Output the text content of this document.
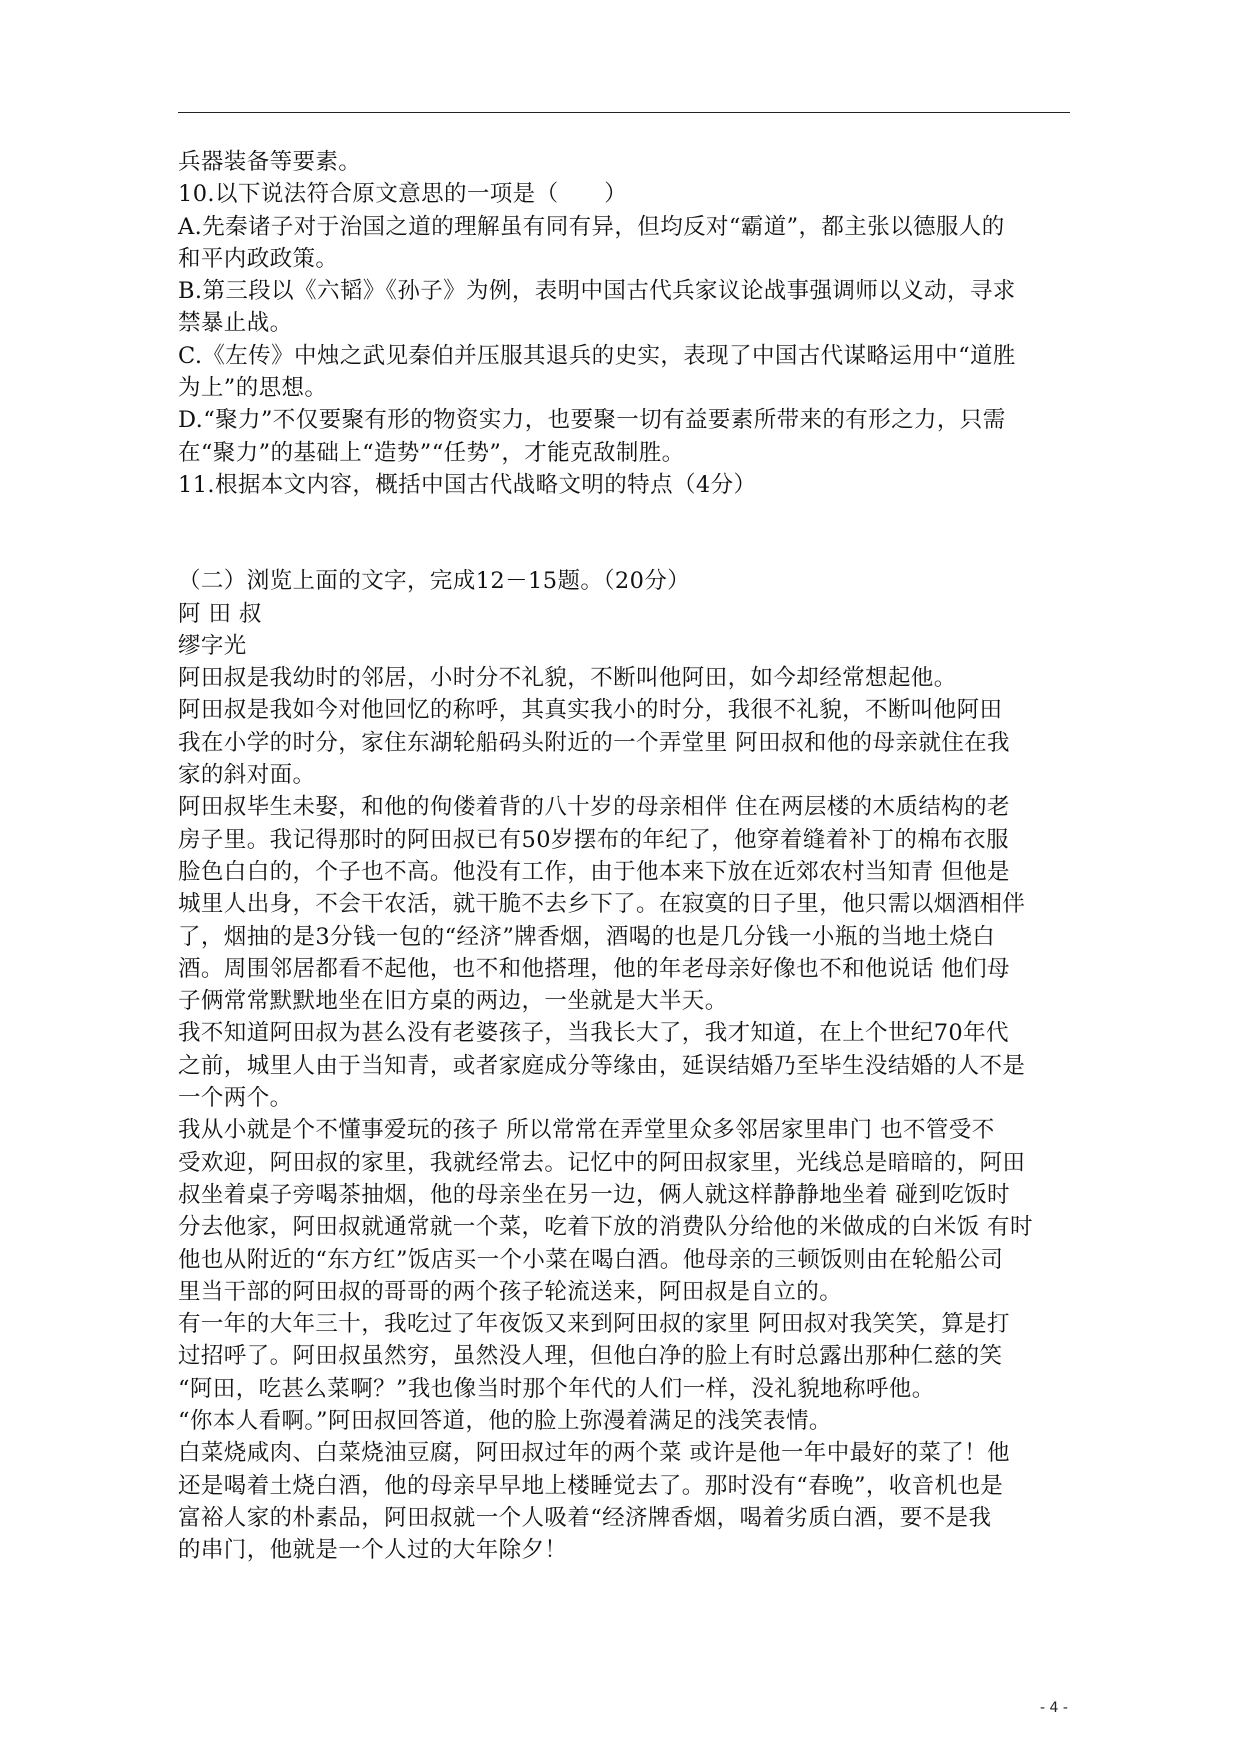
兵器装备等要素。
10.以下说法符合原文意思的一项是（　　）
A.先秦诸子对于治国之道的理解虽有同有异，但均反对“霸道”，都主张以德服人的
和平内政政策。
B.第三段以《六韬》《孙子》为例，表明中国古代兵家议论战事强调师以义动，寻求
禁暴止战。
C.《左传》中烛之武见秦伯并压服其退兵的史实，表现了中国古代谋略运用中“道胜
为上”的思想。
D.“聚力”不仅要聚有形的物资实力，也要聚一切有益要素所带来的有形之力，只需
在“聚力”的基础上“造势”“任势”，才能克敌制胜。
11.根据本文内容，概括中国古代战略文明的特点（4分）
（二）浏览上面的文字，完成12－15题。（20分）
阿 田 叔
缪字光
阿田叔是我幼时的邻居，小时分不礼貌，不断叫他阿田，如今却经常想起他。
阿田叔是我如今对他回忆的称呼，其真实我小的时分，我很不礼貌，不断叫他阿田
我在小学的时分，家住东湖轮船码头附近的一个弄堂里 阿田叔和他的母亲就住在我
家的斜对面。
阿田叔毕生未娶，和他的佝偻着背的八十岁的母亲相伴 住在两层楼的木质结构的老
房子里。我记得那时的阿田叔已有50岁摆布的年纪了，他穿着缝着补丁的棉布衣服
脸色白白的，个子也不高。他没有工作，由于他本来下放在近郊农村当知青 但他是
城里人出身，不会干农活，就干脆不去乡下了。在寂寞的日子里，他只需以烟酒相伴
了，烟抽的是3分钱一包的“经济”牌香烟，酒喝的也是几分钱一小瓶的当地土烧白
酒。周围邻居都看不起他，也不和他搭理，他的年老母亲好像也不和他说话 他们母
子俩常常默默地坐在旧方桌的两边，一坐就是大半天。
我不知道阿田叔为甚么没有老婆孩子，当我长大了，我才知道，在上个世纪70年代
之前，城里人由于当知青，或者家庭成分等缘由，延误结婚乃至毕生没结婚的人不是
一个两个。
我从小就是个不懂事爱玩的孩子 所以常常在弄堂里众多邻居家里串门 也不管受不
受欢迎，阿田叔的家里，我就经常去。记忆中的阿田叔家里，光线总是暗暗的，阿田
叔坐着桌子旁喝茶抽烟，他的母亲坐在另一边，俩人就这样静静地坐着 碰到吃饭时
分去他家，阿田叔就通常就一个菜，吃着下放的消费队分给他的米做成的白米饭 有时
他也从附近的“东方红”饭店买一个小菜在喝白酒。他母亲的三顿饭则由在轮船公司
里当干部的阿田叔的哥哥的两个孩子轮流送来，阿田叔是自立的。
有一年的大年三十，我吃过了年夜饭又来到阿田叔的家里 阿田叔对我笑笑，算是打
过招呼了。阿田叔虽然穷，虽然没人理，但他白净的脸上有时总露出那种仁慈的笑
“阿田，吃甚么菜啊？”我也像当时那个年代的人们一样，没礼貌地称呼他。
“你本人看啊。”阿田叔回答道，他的脸上弥漫着满足的浅笑表情。
白菜烧咸肉、白菜烧油豆腐，阿田叔过年的两个菜 或许是他一年中最好的菜了！他
还是喝着土烧白酒，他的母亲早早地上楼睡觉去了。那时没有“春晚”，收音机也是
富裕人家的朴素品，阿田叔就一个人吸着“经济牌香烟，喝着劣质白酒，要不是我
的串门，他就是一个人过的大年除夕！
- 4 -
